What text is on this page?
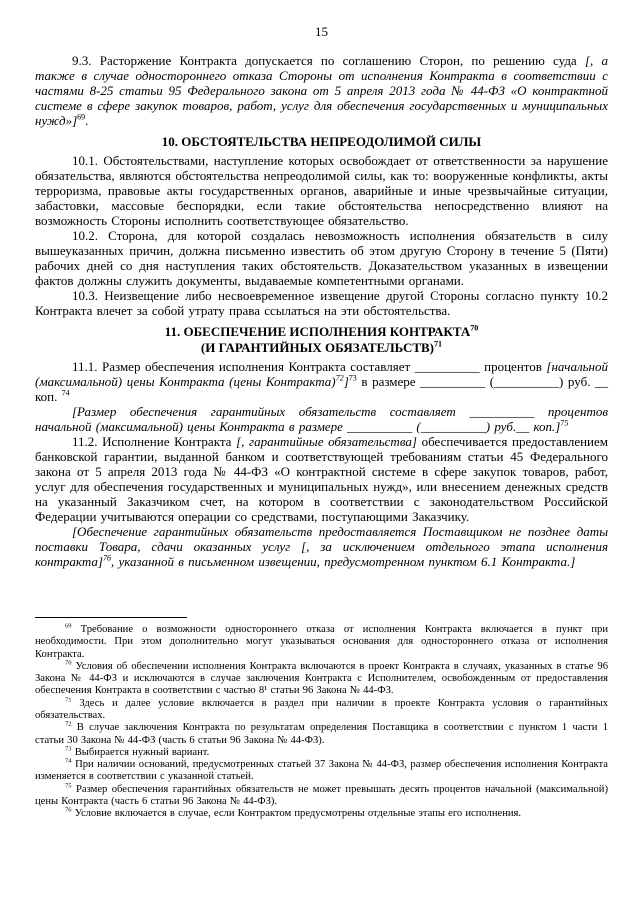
15

9.3. Расторжение Контракта допускается по соглашению Сторон, по решению суда [, а также в случае одностороннего отказа Стороны от исполнения Контракта в соответствии с частями 8-25 статьи 95 Федерального закона от 5 апреля 2013 года № 44-ФЗ «О контрактной системе в сфере закупок товаров, работ, услуг для обеспечения государственных и муниципальных нужд»]$^{69}$.

10. ОБСТОЯТЕЛЬСТВА НЕПРЕОДОЛИМОЙ СИЛЫ

10.1. Обстоятельствами, наступление которых освобождает от ответственности за нарушение обязательства, являются обстоятельства непреодолимой силы, как то: вооруженные конфликты, акты терроризма, правовые акты государственных органов, аварийные и иные чрезвычайные ситуации, забастовки, массовые беспорядки, если такие обстоятельства непосредственно влияют на возможность Стороны исполнить соответствующее обязательство.

10.2. Сторона, для которой создалась невозможность исполнения обязательств в силу вышеуказанных причин, должна письменно известить об этом другую Сторону в течение 5 (Пяти) рабочих дней со дня наступления таких обстоятельств. Доказательством указанных в извещении фактов должны служить документы, выдаваемые компетентными органами.

10.3. Неизвещение либо несвоевременное извещение другой Стороны согласно пункту 10.2 Контракта влечет за собой утрату права ссылаться на эти обстоятельства.

11. ОБЕСПЕЧЕНИЕ ИСПОЛНЕНИЯ КОНТРАКТА$^{70}$
(И ГАРАНТИЙНЫХ ОБЯЗАТЕЛЬСТВ)$^{71}$

11.1. Размер обеспечения исполнения Контракта составляет __________ процентов [начальной (максимальной) цены Контракта (цены Контракта)$^{72}$]$^{73}$ в размере __________ (__________) руб. __ коп. $^{74}$

[Размер обеспечения гарантийных обязательств составляет __________ процентов начальной (максимальной) цены Контракта в размере __________ (__________) руб.__ коп.]$^{75}$

11.2. Исполнение Контракта [, гарантийные обязательства] обеспечивается предоставлением банковской гарантии, выданной банком и соответствующей требованиям статьи 45 Федерального закона от 5 апреля 2013 года № 44-ФЗ «О контрактной системе в сфере закупок товаров, работ, услуг для обеспечения государственных и муниципальных нужд», или внесением денежных средств на указанный Заказчиком счет, на котором в соответствии с законодательством Российской Федерации учитываются операции со средствами, поступающими Заказчику.

[Обеспечение гарантийных обязательств предоставляется Поставщиком не позднее даты поставки Товара, сдачи оказанных услуг [, за исключением отдельного этапа исполнения контракта]$^{76}$, указанной в письменном извещении, предусмотренном пунктом 6.1 Контракта.]

$^{69}$ Требование о возможности одностороннего отказа от исполнения Контракта включается в пункт при необходимости. При этом дополнительно могут указываться основания для одностороннего отказа от исполнения Контракта.

$^{70}$ Условия об обеспечении исполнения Контракта включаются в проект Контракта в случаях, указанных в статье 96 Закона № 44-ФЗ и исключаются в случае заключения Контракта с Исполнителем, освобожденным от предоставления обеспечения Контракта в соответствии с частью 8¹ статьи 96 Закона № 44-ФЗ.

$^{71}$ Здесь и далее условие включается в раздел при наличии в проекте Контракта условия о гарантийных обязательствах.

$^{72}$ В случае заключения Контракта по результатам определения Поставщика в соответствии с пунктом 1 части 1 статьи 30 Закона № 44-ФЗ (часть 6 статьи 96 Закона № 44-ФЗ).

$^{73}$ Выбирается нужный вариант.

$^{74}$ При наличии оснований, предусмотренных статьей 37 Закона № 44-ФЗ, размер обеспечения исполнения Контракта изменяется в соответствии с указанной статьей.

$^{75}$ Размер обеспечения гарантийных обязательств не может превышать десять процентов начальной (максимальной) цены Контракта (часть 6 статьи 96 Закона № 44-ФЗ).

$^{76}$ Условие включается в случае, если Контрактом предусмотрены отдельные этапы его исполнения.
